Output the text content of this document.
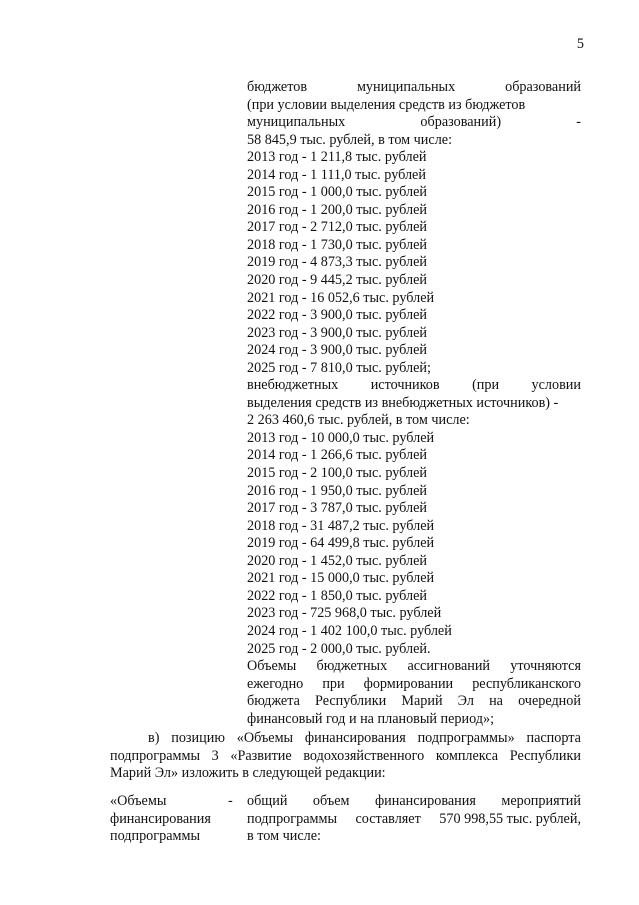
5
бюджетов	муниципальных	образований
(при условии выделения средств из бюджетов
муниципальных	образований)	-
58 845,9 тыс. рублей, в том числе:
2013 год - 1 211,8 тыс. рублей
2014 год - 1 111,0 тыс. рублей
2015 год - 1 000,0 тыс. рублей
2016 год - 1 200,0 тыс. рублей
2017 год - 2 712,0 тыс. рублей
2018 год - 1 730,0 тыс. рублей
2019 год - 4 873,3 тыс. рублей
2020 год - 9 445,2 тыс. рублей
2021 год - 16 052,6 тыс. рублей
2022 год - 3 900,0 тыс. рублей
2023 год - 3 900,0 тыс. рублей
2024 год - 3 900,0 тыс. рублей
2025 год - 7 810,0 тыс. рублей;
внебюджетных источников (при условии
выделения средств из внебюджетных источников) -
2 263 460,6 тыс. рублей, в том числе:
2013 год - 10 000,0 тыс. рублей
2014 год - 1 266,6 тыс. рублей
2015 год - 2 100,0 тыс. рублей
2016 год - 1 950,0 тыс. рублей
2017 год - 3 787,0 тыс. рублей
2018 год - 31 487,2 тыс. рублей
2019 год - 64 499,8 тыс. рублей
2020 год - 1 452,0 тыс. рублей
2021 год - 15 000,0 тыс. рублей
2022 год - 1 850,0 тыс. рублей
2023 год - 725 968,0 тыс. рублей
2024 год - 1 402 100,0 тыс. рублей
2025 год - 2 000,0 тыс. рублей.
Объемы бюджетных ассигнований уточняются
ежегодно при формировании республиканского
бюджета Республики Марий Эл на очередной
финансовый год и на плановый период»;
в) позицию «Объемы финансирования подпрограммы» паспорта
подпрограммы 3 «Развитие водохозяйственного комплекса Республики
Марий Эл» изложить в следующей редакции:
«Объемы	-	общий объем финансирования мероприятий
финансирования	подпрограммы составляет 570 998,55 тыс. рублей,
подпрограммы	в том числе:
